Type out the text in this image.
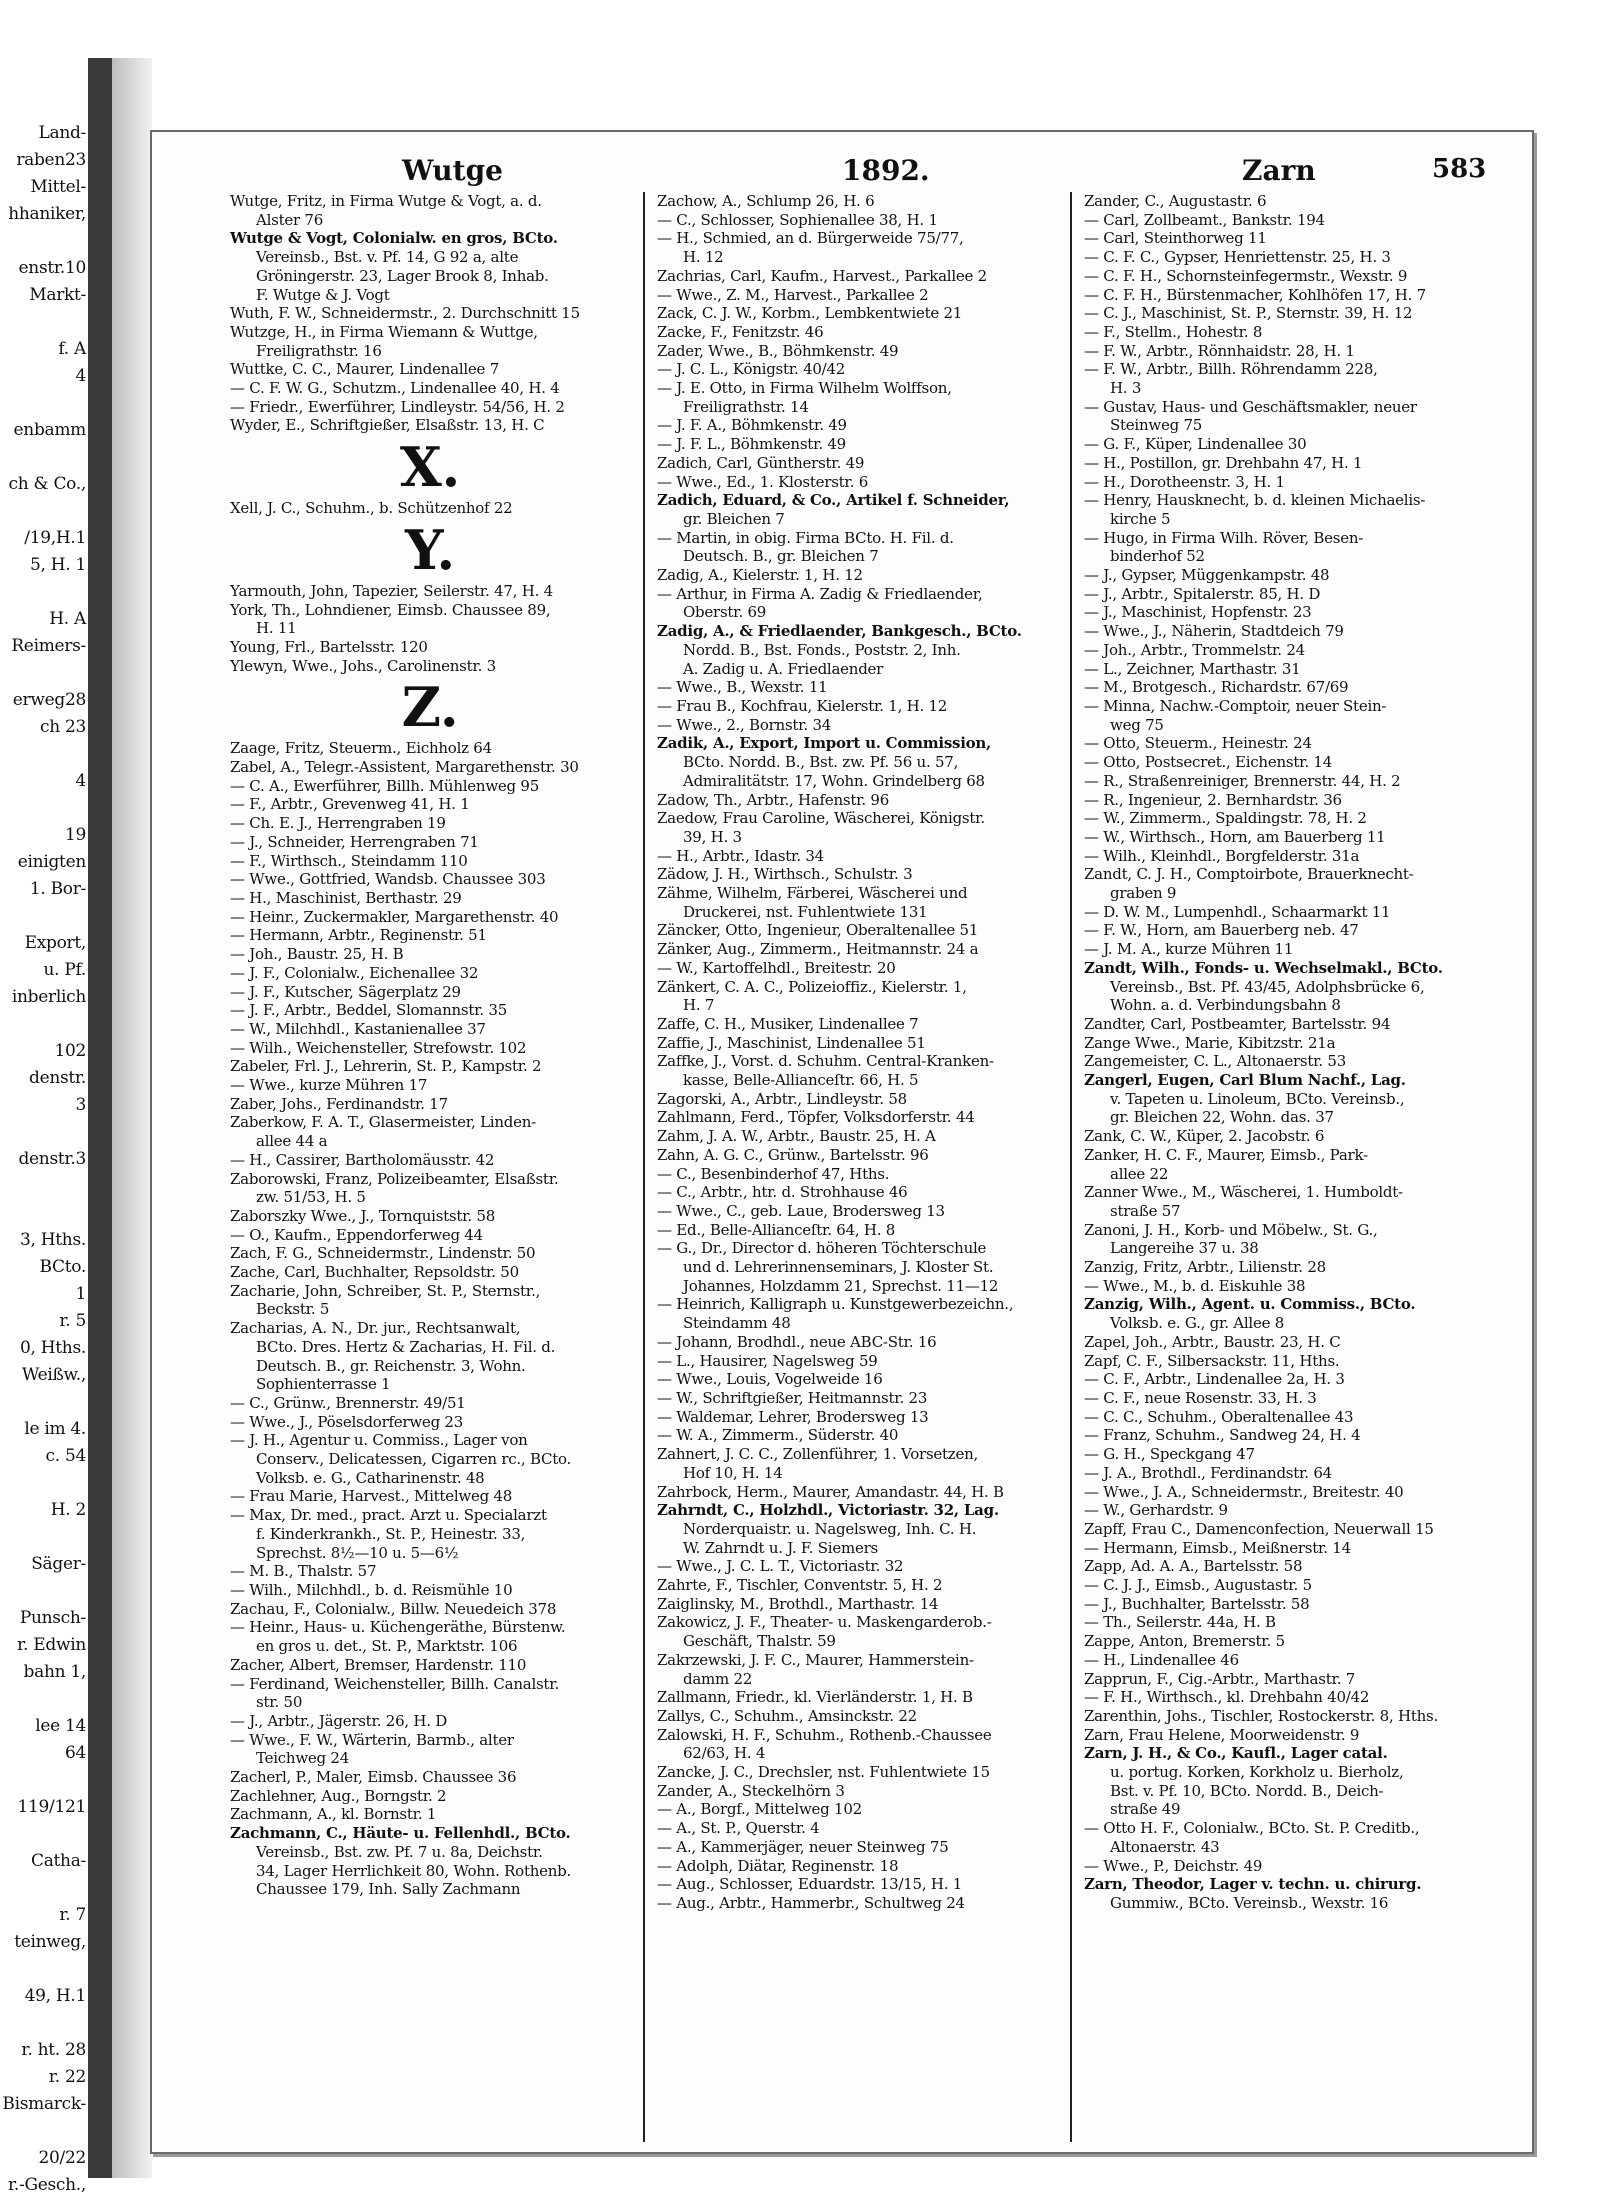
Land-
raben23
Mittel-
hhaniker,
enstr.10
Markt-
f. A
4
enbamm
ch & Co.,
/19,H.1
5, H. 1
H. A
Reimers-
erweg28
ch 23
4
19
einigten
1. Bor-
Export,
u. Pf.
inberlich
102
denstr.
3
denstr.3
3, Hths.
BCto.
1
r. 5
0, Hths.
Weißw.,
le im 4.
c. 54
H. 2
Säger-
Punsch-
r. Edwin
bahn 1,
lee 14
64
119/121
Catha-
r. 7
teinweg,
49, H.1
r. ht. 28
r. 22
Bismarck-
20/22
r.-Gesch.,
Wutge	1892.	Zarn	583
Wutge, Fritz, in Firma Wutge & Vogt, a. d.
Alster 76
Wutge & Vogt, Colonialw. en gros, BCto.
Vereinsb., Bst. v. Pf. 14, G 92 a, alte
Gröningerstr. 23, Lager Brook 8, Inhab.
F. Wutge & J. Vogt
Wuth, F. W., Schneidermstr., 2. Durchschnitt 15
Wutzge, H., in Firma Wiemann & Wuttge,
Freiligrathstr. 16
Wuttke, C. C., Maurer, Lindenallee 7
— C. F. W. G., Schutzm., Lindenallee 40, H. 4
— Friedr., Ewerführer, Lindleystr. 54/56, H. 2
Wyder, E., Schriftgießer, Elsaßstr. 13, H. C
X.
Xell, J. C., Schuhm., b. Schützenhof 22
Y.
Yarmouth, John, Tapezier, Seilerstr. 47, H. 4
York, Th., Lohndiener, Eimsb. Chaussee 89,
H. 11
Young, Frl., Bartelsstr. 120
Ylewyn, Wwe., Johs., Carolinenstr. 3
Z.
Zaage, Fritz, Steuerm., Eichholz 64
Zabel, A., Telegr.-Assistent, Margarethenstr. 30
— C. A., Ewerführer, Billh. Mühlenweg 95
— F., Arbtr., Grevenweg 41, H. 1
— Ch. E. J., Herrengraben 19
— J., Schneider, Herrengraben 71
— F., Wirthsch., Steindamm 110
— Wwe., Gottfried, Wandsb. Chaussee 303
— H., Maschinist, Berthastr. 29
— Heinr., Zuckermakler, Margarethenstr. 40
— Hermann, Arbtr., Reginenstr. 51
— Joh., Baustr. 25, H. B
— J. F., Colonialw., Eichenallee 32
— J. F., Kutscher, Sägerplatz 29
— J. F., Arbtr., Beddel, Slomannstr. 35
— W., Milchhdl., Kastanienallee 37
— Wilh., Weichensteller, Strefowstr. 102
Zabeler, Frl. J., Lehrerin, St. P., Kampstr. 2
— Wwe., kurze Mühren 17
Zaber, Johs., Ferdinandstr. 17
Zaberkow, F. A. T., Glasermeister, Linden-
allee 44 a
— H., Cassirer, Bartholomäusstr. 42
Zaborowski, Franz, Polizeibeamter, Elsaßstr.
zw. 51/53, H. 5
Zaborszky Wwe., J., Tornquiststr. 58
— O., Kaufm., Eppendorferweg 44
Zach, F. G., Schneidermstr., Lindenstr. 50
Zache, Carl, Buchhalter, Repsoldstr. 50
Zacharie, John, Schreiber, St. P., Sternstr.,
Beckstr. 5
Zacharias, A. N., Dr. jur., Rechtsanwalt,
BCto. Dres. Hertz & Zacharias, H. Fil. d.
Deutsch. B., gr. Reichenstr. 3, Wohn.
Sophienterrasse 1
— C., Grünw., Brennerstr. 49/51
— Wwe., J., Pöselsdorferweg 23
— J. H., Agentur u. Commiss., Lager von
Conserv., Delicatessen, Cigarren rc., BCto.
Volksb. e. G., Catharinenstr. 48
— Frau Marie, Harvest., Mittelweg 48
— Max, Dr. med., pract. Arzt u. Specialarzt
f. Kinderkrankh., St. P., Heinestr. 33,
Sprechst. 8½—10 u. 5—6½
— M. B., Thalstr. 57
— Wilh., Milchhdl., b. d. Reismühle 10
Zachau, F., Colonialw., Billw. Neuedeich 378
— Heinr., Haus- u. Küchengeräthe, Bürstenw.
en gros u. det., St. P., Marktstr. 106
Zacher, Albert, Bremser, Hardenstr. 110
— Ferdinand, Weichensteller, Billh. Canalstr.
str. 50
— J., Arbtr., Jägerstr. 26, H. D
— Wwe., F. W., Wärterin, Barmb., alter
Teichweg 24
Zacherl, P., Maler, Eimsb. Chaussee 36
Zachlehner, Aug., Borngstr. 2
Zachmann, A., kl. Bornstr. 1
Zachmann, C., Häute- u. Fellenhdl., BCto.
Vereinsb., Bst. zw. Pf. 7 u. 8a, Deichstr.
34, Lager Herrlichkeit 80, Wohn. Rothenb.
Chaussee 179, Inh. Sally Zachmann
Zachow, A., Schlump 26, H. 6
— C., Schlosser, Sophienallee 38, H. 1
— H., Schmied, an d. Bürgerweide 75/77,
H. 12
Zachrias, Carl, Kaufm., Harvest., Parkallee 2
— Wwe., Z. M., Harvest., Parkallee 2
Zack, C. J. W., Korbm., Lembkentwiete 21
Zacke, F., Fenitzstr. 46
Zader, Wwe., B., Böhmkenstr. 49
— J. C. L., Königstr. 40/42
— J. E. Otto, in Firma Wilhelm Wolffson,
Freiligrathstr. 14
— J. F. A., Böhmkenstr. 49
— J. F. L., Böhmkenstr. 49
Zadich, Carl, Güntherstr. 49
— Wwe., Ed., 1. Klosterstr. 6
Zadich, Eduard, & Co., Artikel f. Schneider,
gr. Bleichen 7
— Martin, in obig. Firma BCto. H. Fil. d.
Deutsch. B., gr. Bleichen 7
Zadig, A., Kielerstr. 1, H. 12
— Arthur, in Firma A. Zadig & Friedlaender,
Oberstr. 69
Zadig, A., & Friedlaender, Bankgesch., BCto.
Nordd. B., Bst. Fonds., Poststr. 2, Inh.
A. Zadig u. A. Friedlaender
— Wwe., B., Wexstr. 11
— Frau B., Kochfrau, Kielerstr. 1, H. 12
— Wwe., 2., Bornstr. 34
Zadik, A., Export, Import u. Commission,
BCto. Nordd. B., Bst. zw. Pf. 56 u. 57,
Admiralitätstr. 17, Wohn. Grindelberg 68
Zadow, Th., Arbtr., Hafenstr. 96
Zaedow, Frau Caroline, Wäscherei, Königstr.
39, H. 3
— H., Arbtr., Idastr. 34
Zädow, J. H., Wirthsch., Schulstr. 3
Zähme, Wilhelm, Färberei, Wäscherei und
Druckerei, nst. Fuhlentwiete 131
Zäncker, Otto, Ingenieur, Oberaltenallee 51
Zänker, Aug., Zimmerm., Heitmannstr. 24 a
— W., Kartoffelhdl., Breitestr. 20
Zänkert, C. A. C., Polizeioffiz., Kielerstr. 1,
H. 7
Zaffe, C. H., Musiker, Lindenallee 7
Zaffie, J., Maschinist, Lindenallee 51
Zaffke, J., Vorst. d. Schuhm. Central-Kranken-
kasse, Belle-Allianceſtr. 66, H. 5
Zagorski, A., Arbtr., Lindleystr. 58
Zahlmann, Ferd., Töpfer, Volksdorferstr. 44
Zahm, J. A. W., Arbtr., Baustr. 25, H. A
Zahn, A. G. C., Grünw., Bartelsstr. 96
— C., Besenbinderhof 47, Hths.
— C., Arbtr., htr. d. Strohhause 46
— Wwe., C., geb. Laue, Brodersweg 13
— Ed., Belle-Allianceſtr. 64, H. 8
— G., Dr., Director d. höheren Töchterschule
und d. Lehrerinnenseminars, J. Kloster St.
Johannes, Holzdamm 21, Sprechst. 11—12
— Heinrich, Kalligraph u. Kunstgewerbezeichn.,
Steindamm 48
— Johann, Brodhdl., neue ABC-Str. 16
— L., Hausirer, Nagelsweg 59
— Wwe., Louis, Vogelweide 16
— W., Schriftgießer, Heitmannstr. 23
— Waldemar, Lehrer, Brodersweg 13
— W. A., Zimmerm., Süderstr. 40
Zahnert, J. C. C., Zollenführer, 1. Vorsetzen,
Hof 10, H. 14
Zahrbock, Herm., Maurer, Amandastr. 44, H. B
Zahrndt, C., Holzhdl., Victoriastr. 32, Lag.
Norderquaistr. u. Nagelsweg, Inh. C. H.
W. Zahrndt u. J. F. Siemers
— Wwe., J. C. L. T., Victoriastr. 32
Zahrte, F., Tischler, Conventstr. 5, H. 2
Zaiglinsky, M., Brothdl., Marthastr. 14
Zakowicz, J. F., Theater- u. Maskengarderob.-
Geschäft, Thalstr. 59
Zakrzewski, J. F. C., Maurer, Hammerstein-
damm 22
Zallmann, Friedr., kl. Vierländerstr. 1, H. B
Zallys, C., Schuhm., Amsinckstr. 22
Zalowski, H. F., Schuhm., Rothenb.-Chaussee
62/63, H. 4
Zancke, J. C., Drechsler, nst. Fuhlentwiete 15
Zander, A., Steckelhörn 3
— A., Borgf., Mittelweg 102
— A., St. P., Querstr. 4
— A., Kammerjäger, neuer Steinweg 75
— Adolph, Diätar, Reginenstr. 18
— Aug., Schlosser, Eduardstr. 13/15, H. 1
— Aug., Arbtr., Hammerbr., Schultweg 24
Zander, C., Augustastr. 6
— Carl, Zollbeamt., Bankstr. 194
— Carl, Steinthorweg 11
— C. F. C., Gypser, Henriettenstr. 25, H. 3
— C. F. H., Schornsteinfegermstr., Wexstr. 9
— C. F. H., Bürstenmacher, Kohlhöfen 17, H. 7
— C. J., Maschinist, St. P., Sternstr. 39, H. 12
— F., Stellm., Hohestr. 8
— F. W., Arbtr., Rönnhaidstr. 28, H. 1
— F. W., Arbtr., Billh. Röhrendamm 228,
H. 3
— Gustav, Haus- und Geschäftsmakler, neuer
Steinweg 75
— G. F., Küper, Lindenallee 30
— H., Postillon, gr. Drehbahn 47, H. 1
— H., Dorotheenstr. 3, H. 1
— Henry, Hausknecht, b. d. kleinen Michaelis-
kirche 5
— Hugo, in Firma Wilh. Röver, Besen-
binderhof 52
— J., Gypser, Müggenkampstr. 48
— J., Arbtr., Spitalerstr. 85, H. D
— J., Maschinist, Hopfenstr. 23
— Wwe., J., Näherin, Stadtdeich 79
— Joh., Arbtr., Trommelstr. 24
— L., Zeichner, Marthastr. 31
— M., Brotgesch., Richardstr. 67/69
— Minna, Nachw.-Comptoir, neuer Stein-
weg 75
— Otto, Steuerm., Heinestr. 24
— Otto, Postsecret., Eichenstr. 14
— R., Straßenreiniger, Brennerstr. 44, H. 2
— R., Ingenieur, 2. Bernhardstr. 36
— W., Zimmerm., Spaldingstr. 78, H. 2
— W., Wirthsch., Horn, am Bauerberg 11
— Wilh., Kleinhdl., Borgfelderstr. 31a
Zandt, C. J. H., Comptoirbote, Brauerknecht-
graben 9
— D. W. M., Lumpenhdl., Schaarmarkt 11
— F. W., Horn, am Bauerberg neb. 47
— J. M. A., kurze Mühren 11
Zandt, Wilh., Fonds- u. Wechselmakl., BCto.
Vereinsb., Bst. Pf. 43/45, Adolphsbrücke 6,
Wohn. a. d. Verbindungsbahn 8
Zandter, Carl, Postbeamter, Bartelsstr. 94
Zange Wwe., Marie, Kibitzstr. 21a
Zangemeister, C. L., Altonaerstr. 53
Zangerl, Eugen, Carl Blum Nachf., Lag.
v. Tapeten u. Linoleum, BCto. Vereinsb.,
gr. Bleichen 22, Wohn. das. 37
Zank, C. W., Küper, 2. Jacobstr. 6
Zanker, H. C. F., Maurer, Eimsb., Park-
allee 22
Zanner Wwe., M., Wäscherei, 1. Humboldt-
straße 57
Zanoni, J. H., Korb- und Möbelw., St. G.,
Langereihe 37 u. 38
Zanzig, Fritz, Arbtr., Lilienstr. 28
— Wwe., M., b. d. Eiskuhle 38
Zanzig, Wilh., Agent. u. Commiss., BCto.
Volksb. e. G., gr. Allee 8
Zapel, Joh., Arbtr., Baustr. 23, H. C
Zapf, C. F., Silbersackstr. 11, Hths.
— C. F., Arbtr., Lindenallee 2a, H. 3
— C. F., neue Rosenstr. 33, H. 3
— C. C., Schuhm., Oberaltenallee 43
— Franz, Schuhm., Sandweg 24, H. 4
— G. H., Speckgang 47
— J. A., Brothdl., Ferdinandstr. 64
— Wwe., J. A., Schneidermstr., Breitestr. 40
— W., Gerhardstr. 9
Zapff, Frau C., Damenconfection, Neuerwall 15
— Hermann, Eimsb., Meißnerstr. 14
Zapp, Ad. A. A., Bartelsstr. 58
— C. J. J., Eimsb., Augustastr. 5
— J., Buchhalter, Bartelsstr. 58
— Th., Seilerstr. 44a, H. B
Zappe, Anton, Bremerstr. 5
— H., Lindenallee 46
Zapprun, F., Cig.-Arbtr., Marthastr. 7
— F. H., Wirthsch., kl. Drehbahn 40/42
Zarenthin, Johs., Tischler, Rostockerstr. 8, Hths.
Zarn, Frau Helene, Moorweidenstr. 9
Zarn, J. H., & Co., Kaufl., Lager catal.
u. portug. Korken, Korkholz u. Bierholz,
Bst. v. Pf. 10, BCto. Nordd. B., Deich-
straße 49
— Otto H. F., Colonialw., BCto. St. P. Creditb.,
Altonaerstr. 43
— Wwe., P., Deichstr. 49
Zarn, Theodor, Lager v. techn. u. chirurg.
Gummiw., BCto. Vereinsb., Wexstr. 16
